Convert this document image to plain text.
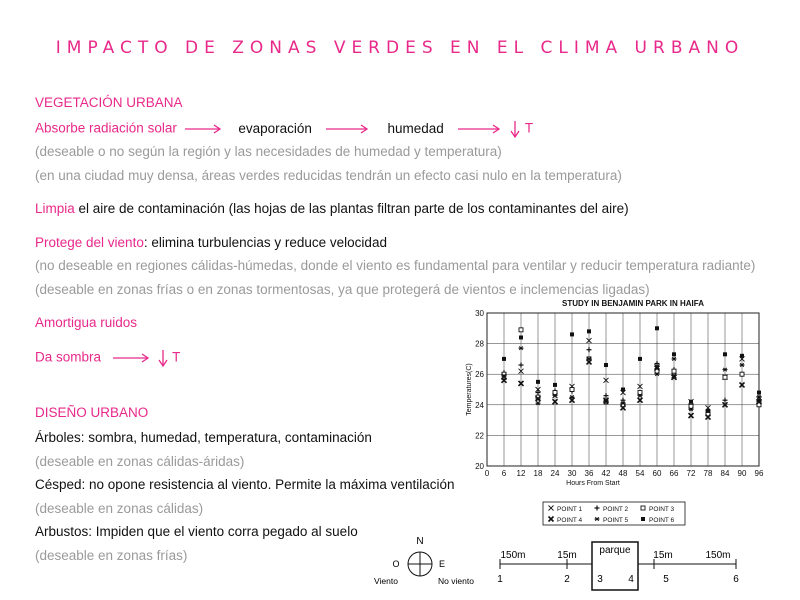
IMPACTO DE ZONAS VERDES EN EL CLIMA URBANO
VEGETACIÓN URBANA
Absorbe radiación solar	evaporación	humedad	T
(deseable o no según la región y las necesidades de humedad y temperatura)
(en una ciudad muy densa, áreas verdes reducidas tendrán un efecto casi nulo en la temperatura)
Limpia el aire de contaminación (las hojas de las plantas filtran parte de los contaminantes del aire)
Protege del viento: elimina turbulencias y reduce velocidad
(no deseable en regiones cálidas-húmedas, donde el viento es fundamental para ventilar y reducir temperatura radiante)
(deseable en zonas frías o en zonas tormentosas, ya que protegerá de vientos e inclemencias ligadas)
Amortigua ruidos
Da sombra	T
DISEÑO URBANO
Árboles: sombra, humedad, temperatura, contaminación
(deseable en zonas cálidas-áridas)
Césped: no opone resistencia al viento. Permite la máxima ventilación
(deseable en zonas cálidas)
Arbustos: Impiden que el viento corra pegado al suelo
(deseable en zonas frías)
STUDY IN BENJAMIN PARK IN HAIFA
0 6 12 18 24 30 36 42 48 54 60 66 72 78 84 90 96
20
22
24
26
28
30
Hours From Start
Temperatures(C)
POINT 1	POINT 2	POINT 3
POINT 4	POINT 5	POINT 6
N
O	E
Viento	No viento
parque
150m	15m	15m	150m
1	2	3	4	5	6
